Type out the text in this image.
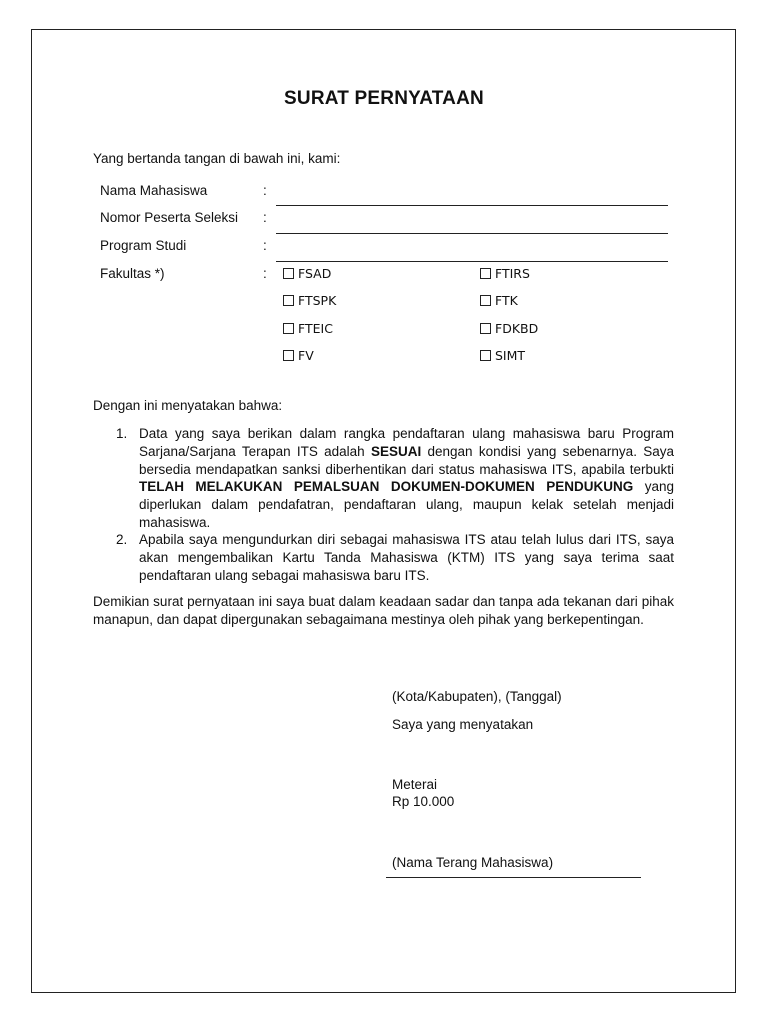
SURAT PERNYATAAN
Yang bertanda tangan di bawah ini, kami:
Nama Mahasiswa	:
Nomor Peserta Seleksi :
Program Studi	:
Fakultas *)	:	FSAD	FTIRS
FTSPK	FTK
FTEIC	FDKBD
FV	SIMT
Dengan ini menyatakan bahwa:
1. Data yang saya berikan dalam rangka pendaftaran ulang mahasiswa baru Program Sarjana/Sarjana Terapan ITS adalah SESUAI dengan kondisi yang sebenarnya. Saya bersedia mendapatkan sanksi diberhentikan dari status mahasiswa ITS, apabila terbukti TELAH MELAKUKAN PEMALSUAN DOKUMEN-DOKUMEN PENDUKUNG yang diperlukan dalam pendafatran, pendaftaran ulang, maupun kelak setelah menjadi mahasiswa.
2. Apabila saya mengundurkan diri sebagai mahasiswa ITS atau telah lulus dari ITS, saya akan mengembalikan Kartu Tanda Mahasiswa (KTM) ITS yang saya terima saat pendaftaran ulang sebagai mahasiswa baru ITS.
Demikian surat pernyataan ini saya buat dalam keadaan sadar dan tanpa ada tekanan dari pihak manapun, dan dapat dipergunakan sebagaimana mestinya oleh pihak yang berkepentingan.
(Kota/Kabupaten), (Tanggal)
Saya yang menyatakan
Meterai
Rp 10.000
(Nama Terang Mahasiswa)
